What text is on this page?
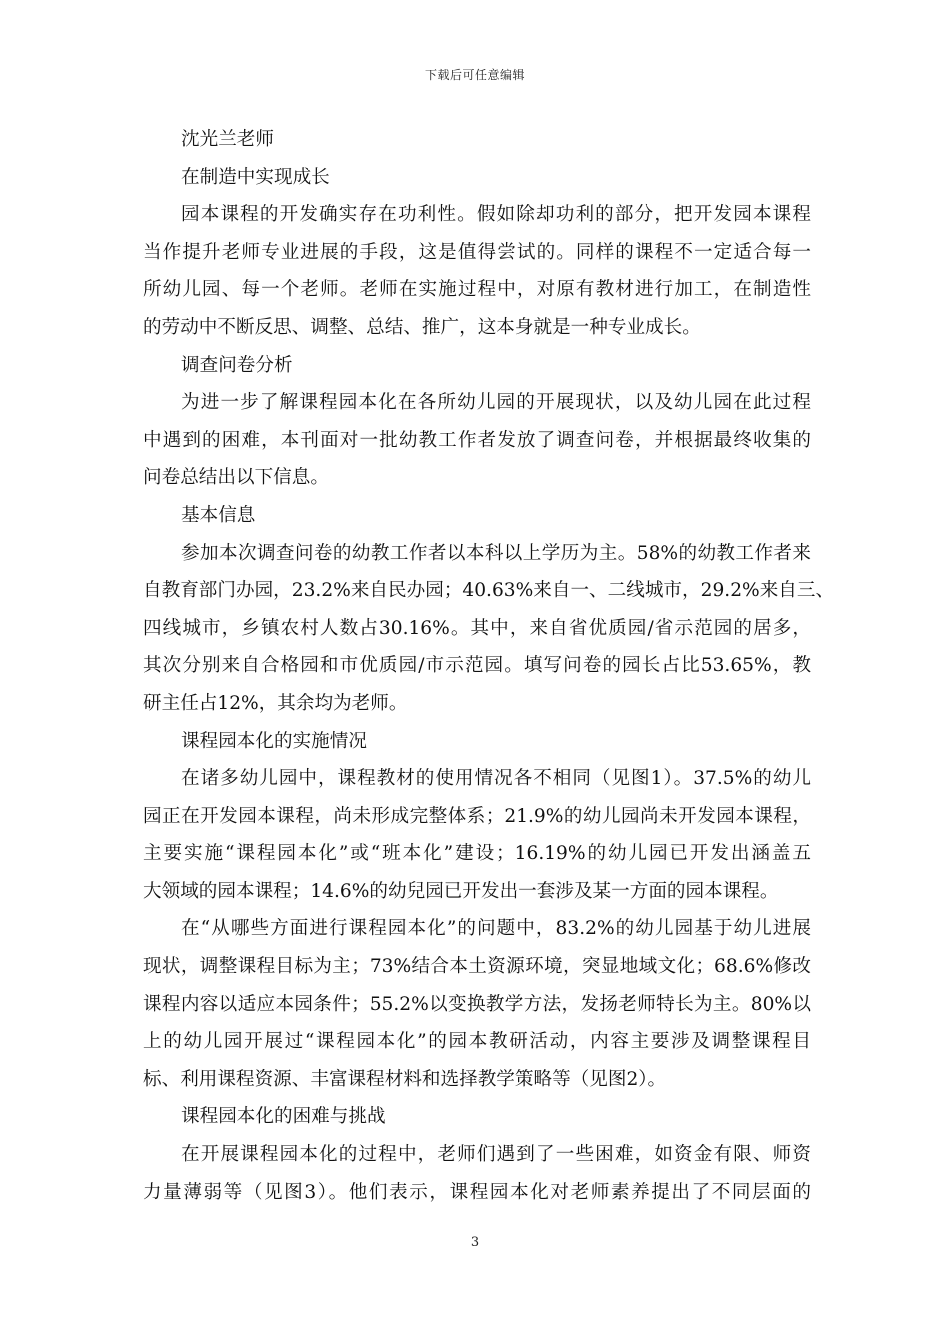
下载后可任意编辑
沈光兰老师
在制造中实现成长
园本课程的开发确实存在功利性。假如除却功利的部分，把开发园本课程
当作提升老师专业进展的手段，这是值得尝试的。同样的课程不一定适合每一
所幼儿园、每一个老师。老师在实施过程中，对原有教材进行加工，在制造性
的劳动中不断反思、调整、总结、推广，这本身就是一种专业成长。
调查问卷分析
为进一步了解课程园本化在各所幼儿园的开展现状，以及幼儿园在此过程
中遇到的困难，本刊面对一批幼教工作者发放了调查问卷，并根据最终收集的
问卷总结出以下信息。
基本信息
参加本次调查问卷的幼教工作者以本科以上学历为主。58%的幼教工作者来
自教育部门办园，23.2%来自民办园；40.63%来自一、二线城市，29.2%来自三、
四线城市，乡镇农村人数占30.16%。其中，来自省优质园/省示范园的居多，
其次分别来自合格园和市优质园/市示范园。填写问卷的园长占比53.65%，教
研主任占12%，其余均为老师。
课程园本化的实施情况
在诸多幼儿园中，课程教材的使用情况各不相同（见图1）。37.5%的幼儿
园正在开发园本课程，尚未形成完整体系；21.9%的幼儿园尚未开发园本课程，
主要实施“课程园本化”或“班本化”建设；16.19%的幼儿园已开发出涵盖五
大领域的园本课程；14.6%的幼兒园已开发出一套涉及某一方面的园本课程。
在“从哪些方面进行课程园本化”的问题中，83.2%的幼儿园基于幼儿进展
现状，调整课程目标为主；73%结合本土资源环境，突显地域文化；68.6%修改
课程内容以适应本园条件；55.2%以变换教学方法，发扬老师特长为主。80%以
上的幼儿园开展过“课程园本化”的园本教研活动，内容主要涉及调整课程目
标、利用课程资源、丰富课程材料和选择教学策略等（见图2）。
课程园本化的困难与挑战
在开展课程园本化的过程中，老师们遇到了一些困难，如资金有限、师资
力量薄弱等（见图3）。他们表示，课程园本化对老师素养提出了不同层面的
3
